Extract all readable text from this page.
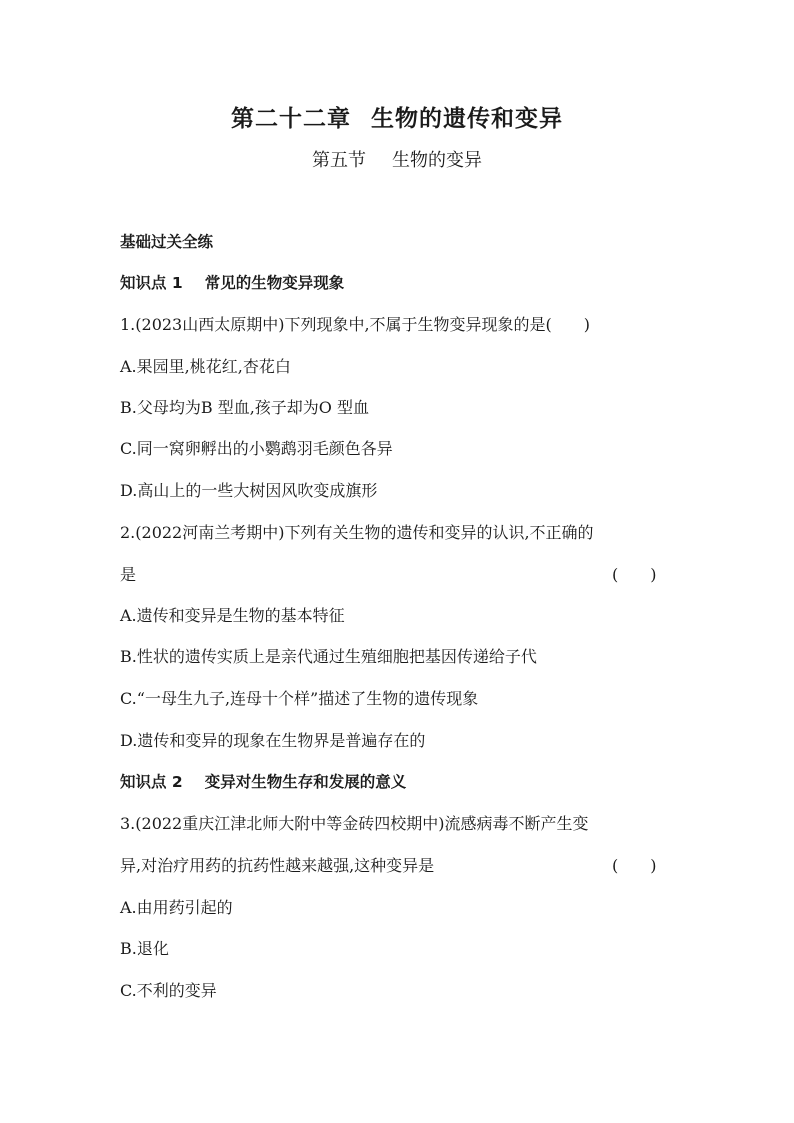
第二十二章 生物的遗传和变异
第五节 生物的变异
基础过关全练
知识点 1 常见的生物变异现象
1.(2023山西太原期中)下列现象中,不属于生物变异现象的是(　　)
A.果园里,桃花红,杏花白
B.父母均为B 型血,孩子却为O 型血
C.同一窝卵孵出的小鹦鹉羽毛颜色各异
D.高山上的一些大树因风吹变成旗形
2.(2022河南兰考期中)下列有关生物的遗传和变异的认识,不正确的
是	(　　)
A.遗传和变异是生物的基本特征
B.性状的遗传实质上是亲代通过生殖细胞把基因传递给子代
C.“一母生九子,连母十个样”描述了生物的遗传现象
D.遗传和变异的现象在生物界是普遍存在的
知识点 2 变异对生物生存和发展的意义
3.(2022重庆江津北师大附中等金砖四校期中)流感病毒不断产生变
异,对治疗用药的抗药性越来越强,这种变异是	(　　)
A.由用药引起的
B.退化
C.不利的变异
